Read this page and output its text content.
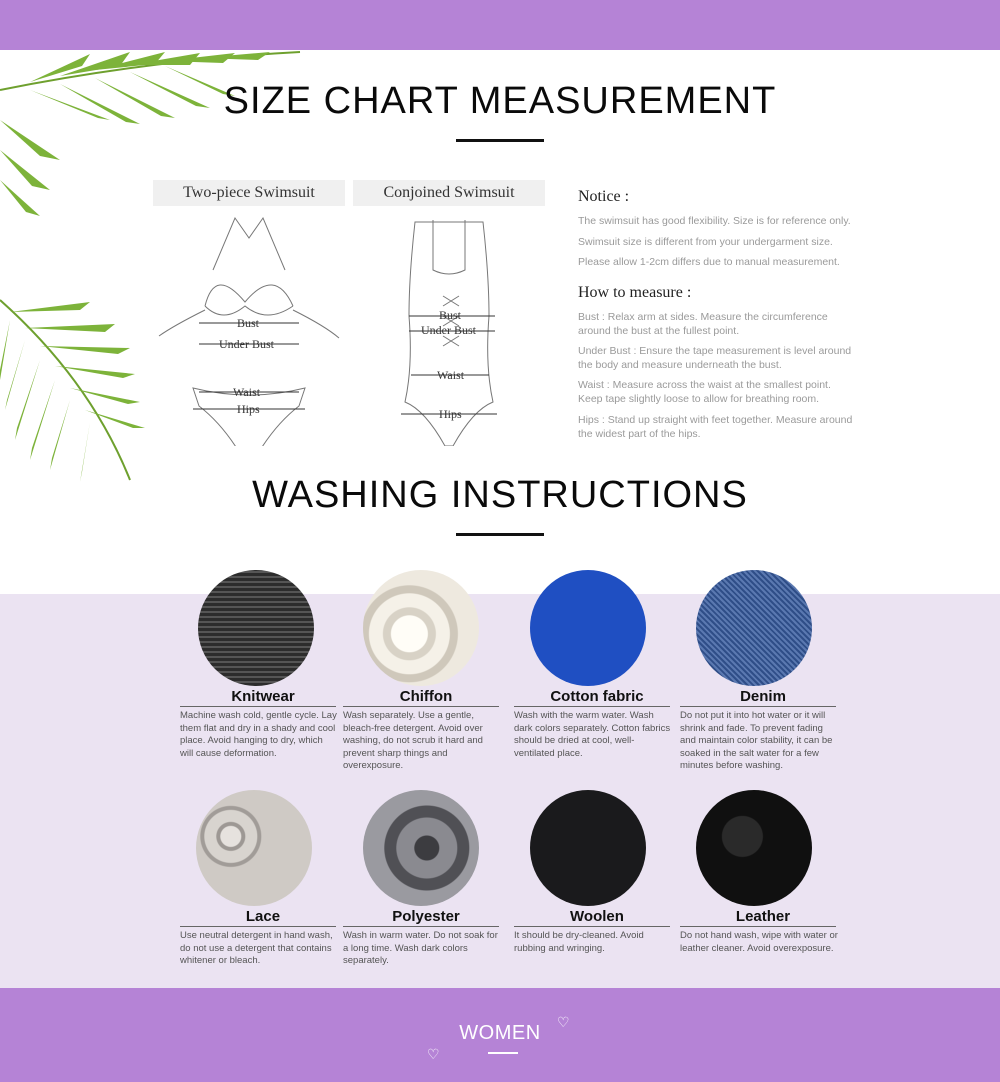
SIZE CHART MEASUREMENT
Two-piece Swimsuit
Bust
Under Bust
Waist
Hips
Conjoined Swimsuit
Bust
Under Bust
Waist
Hips
Notice :

The swimsuit has good flexibility. Size is for reference only.

Swimsuit size is different from your undergarment size.

Please allow 1-2cm differs due to manual measurement.

How to measure :

Bust : Relax arm at sides. Measure the circumference around the bust at the fullest point.

Under Bust : Ensure the tape measurement is level around the body and measure underneath the bust.

Waist : Measure across the waist at the smallest point. Keep tape slightly loose to allow for breathing room.

Hips : Stand up straight with feet together. Measure around the widest part of the hips.

WASHING INSTRUCTIONS
Knitwear
Machine wash cold, gentle cycle. Lay them flat and dry in a shady and cool place. Avoid hanging to dry, which will cause deformation.
Chiffon
Wash separately. Use a gentle, bleach-free detergent. Avoid over washing, do not scrub it hard and prevent sharp things and overexposure.
Cotton fabric
Wash with the warm water. Wash dark colors separately. Cotton fabrics should be dried at cool, well-ventilated place.
Denim
Do not put it into hot water or it will shrink and fade. To prevent fading and maintain color stability, it can be soaked in the salt water for a few minutes before washing.
Lace
Use neutral detergent in hand wash, do not use a detergent that contains whitener or bleach.
Polyester
Wash in warm water. Do not soak for a long time. Wash dark colors separately.
Woolen
It should be dry-cleaned. Avoid rubbing and wringing.
Leather
Do not hand wash, wipe with water or leather cleaner. Avoid overexposure.
WOMEN	♡
♡
